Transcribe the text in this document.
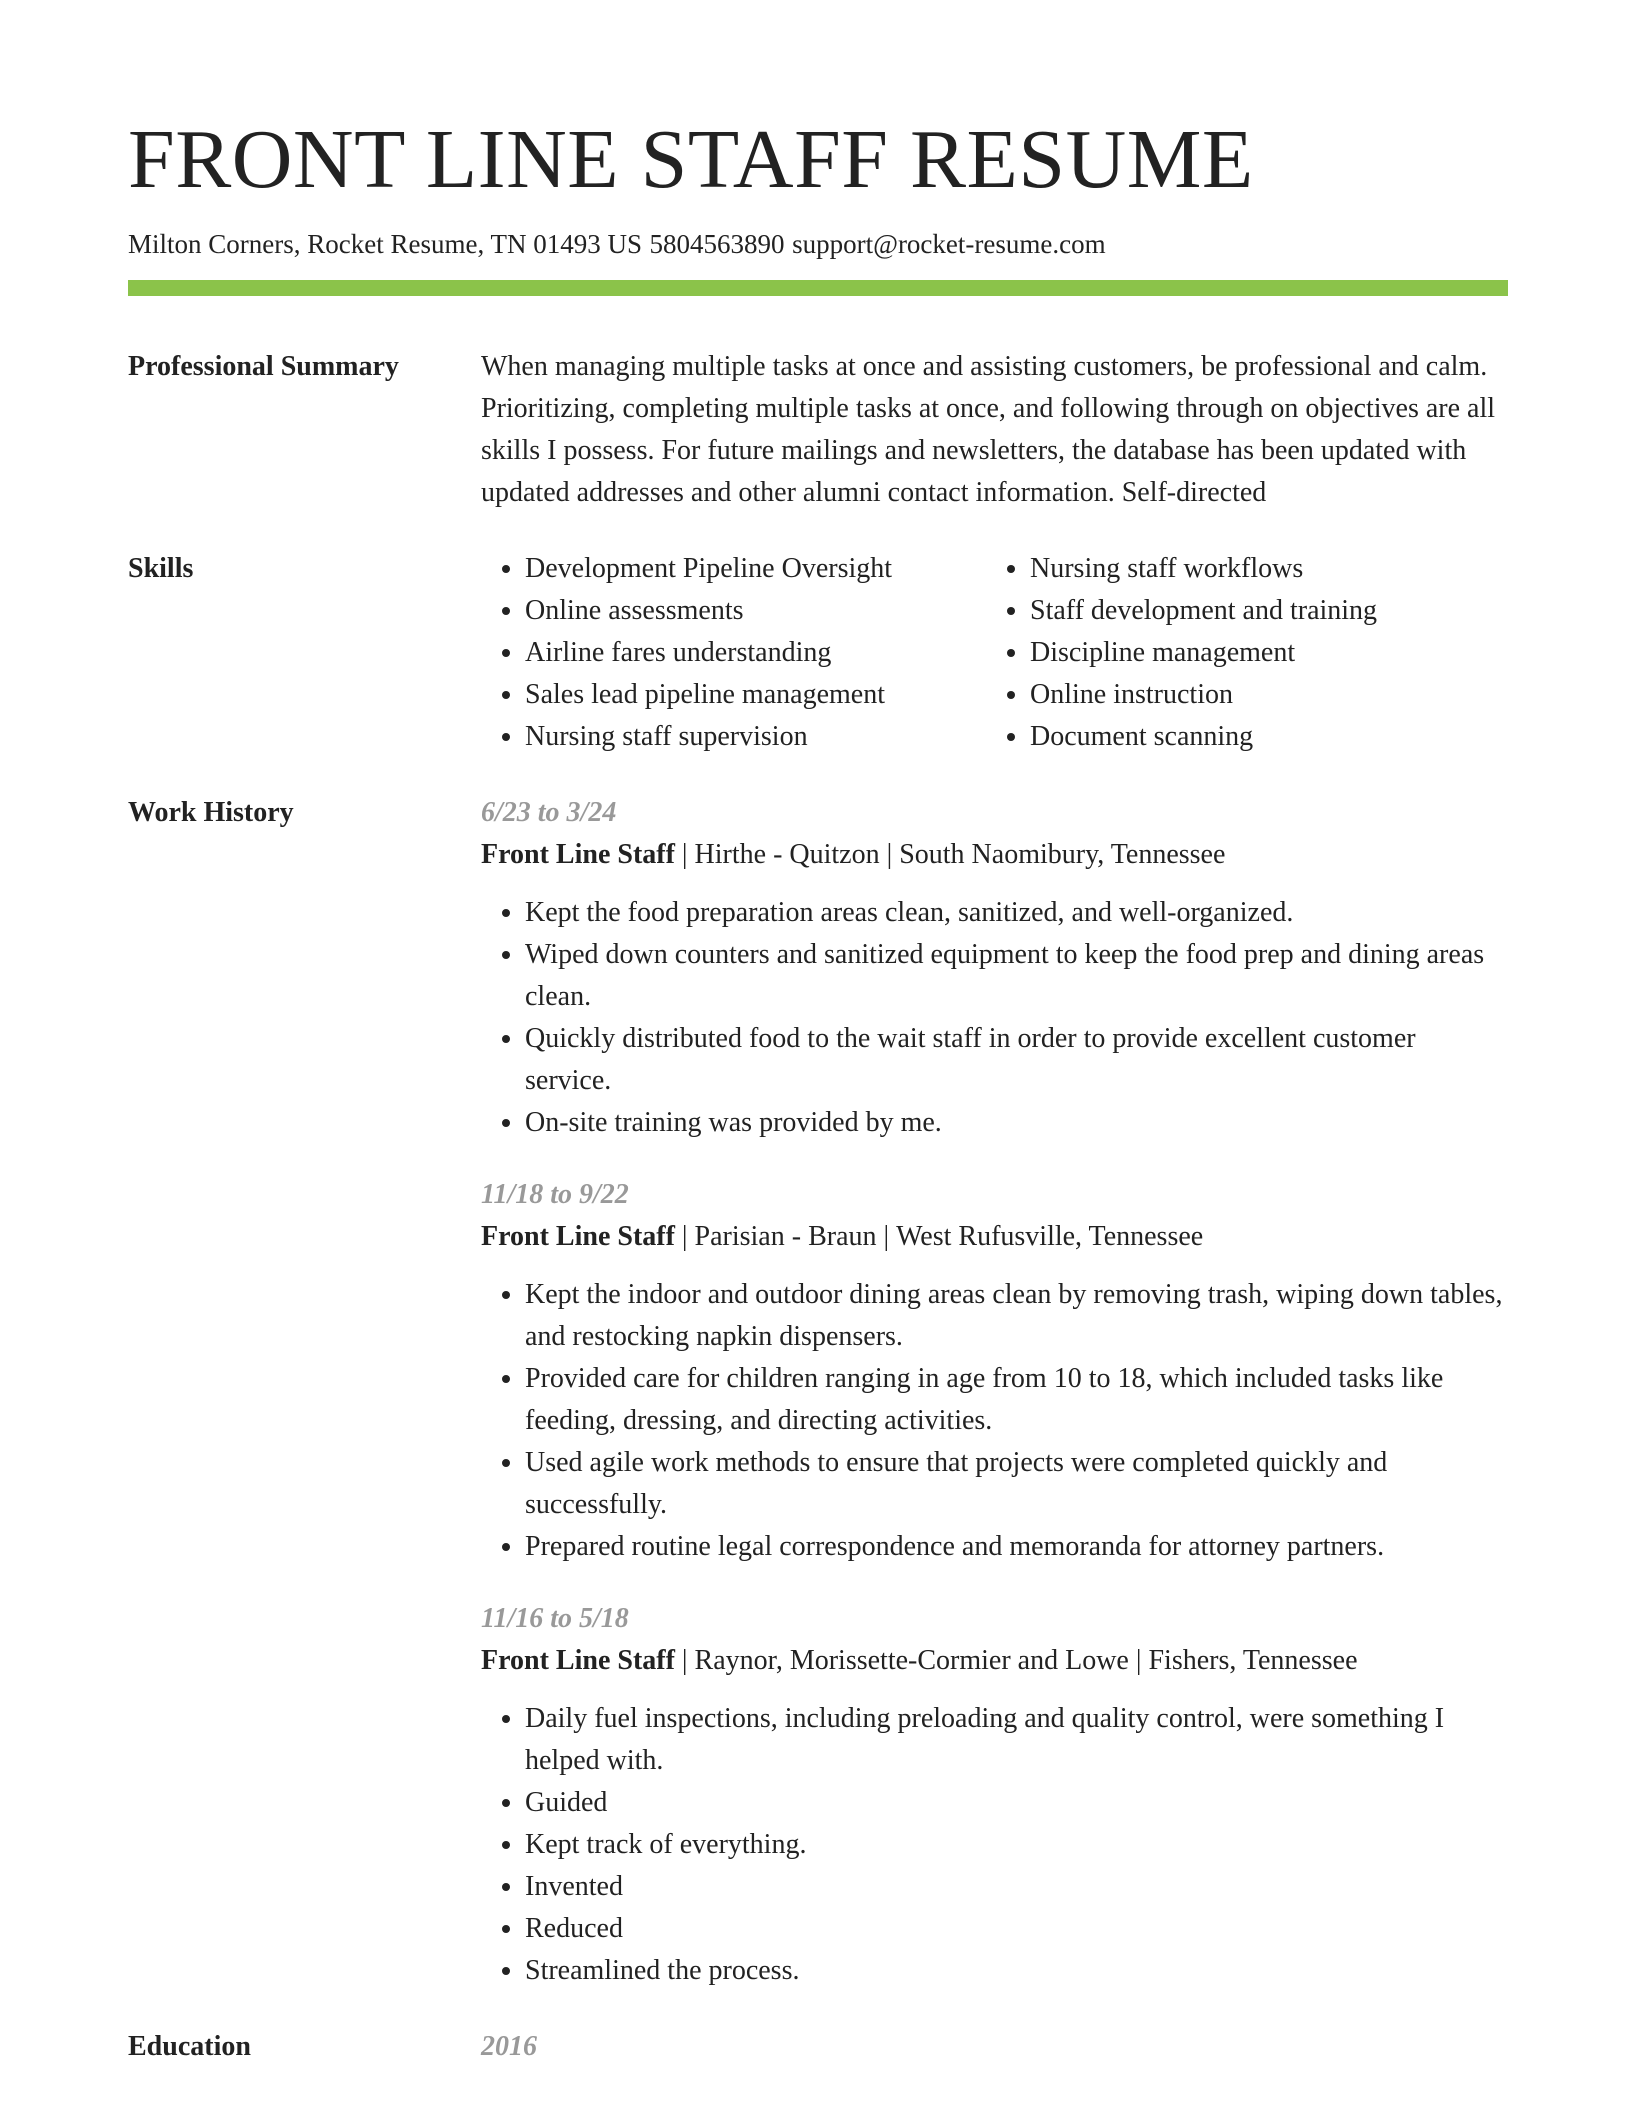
FRONT LINE STAFF RESUME
Milton Corners, Rocket Resume, TN 01493 US 5804563890 support@rocket-resume.com
Professional Summary	When managing multiple tasks at once and assisting customers, be professional and calm. Prioritizing, completing multiple tasks at once, and following through on objectives are all skills I possess. For future mailings and newsletters, the database has been updated with updated addresses and other alumni contact information. Self-directed

Skills
•	Development Pipeline Oversight
• Online assessments
• Airline fares understanding
• Sales lead pipeline management
• Nursing staff supervision
• Nursing staff workflows
• Staff development and training
• Discipline management
• Online instruction
• Document scanning
Work History	6/23 to 3/24
Front Line Staff | Hirthe - Quitzon | South Naomibury, Tennessee
• Kept the food preparation areas clean, sanitized, and well-organized.
• Wiped down counters and sanitized equipment to keep the food prep and dining areas clean.
• Quickly distributed food to the wait staff in order to provide excellent customer service.
• On-site training was provided by me.
11/18 to 9/22
Front Line Staff | Parisian - Braun | West Rufusville, Tennessee
• Kept the indoor and outdoor dining areas clean by removing trash, wiping down tables, and restocking napkin dispensers.
• Provided care for children ranging in age from 10 to 18, which included tasks like feeding, dressing, and directing activities.
• Used agile work methods to ensure that projects were completed quickly and successfully.
• Prepared routine legal correspondence and memoranda for attorney partners.
11/16 to 5/18
Front Line Staff | Raynor, Morissette-Cormier and Lowe | Fishers, Tennessee
• Daily fuel inspections, including preloading and quality control, were something I helped with.
• Guided
• Kept track of everything.
• Invented
• Reduced
• Streamlined the process.
Education	2016
